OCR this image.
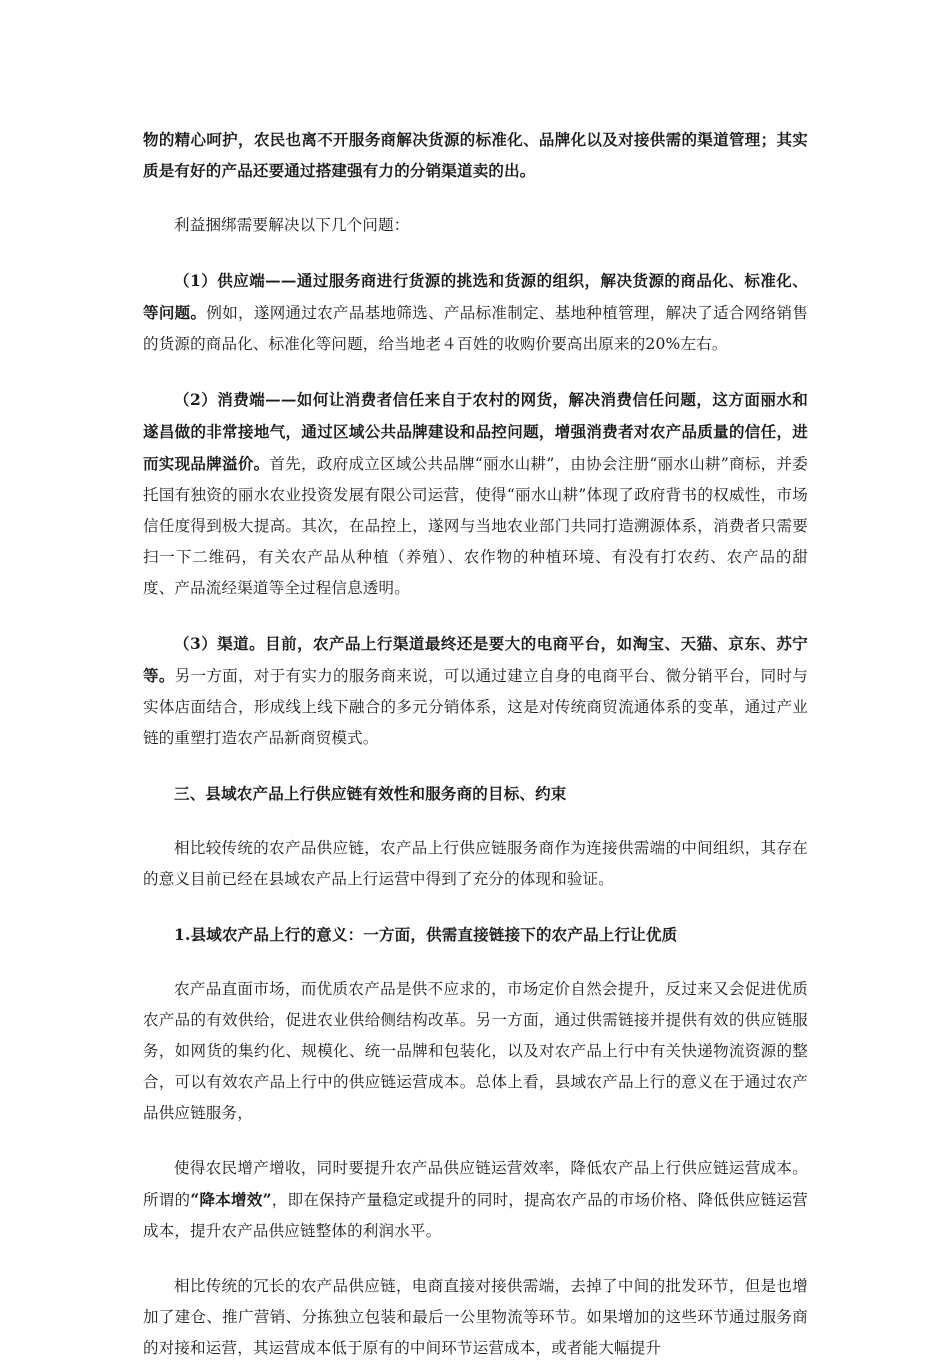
物的精心呵护，农民也离不开服务商解决货源的标准化、品牌化以及对接供需的渠道管理；其实质是有好的产品还要通过搭建强有力的分销渠道卖的出。

利益捆绑需要解决以下几个问题：

（1）供应端——通过服务商进行货源的挑选和货源的组织，解决货源的商品化、标准化、等问题。例如，遂网通过农产品基地筛选、产品标准制定、基地种植管理，解决了适合网络销售的货源的商品化、标准化等问题，给当地老４百姓的收购价要高出原来的20%左右。

（2）消费端——如何让消费者信任来自于农村的网货，解决消费信任问题，这方面丽水和遂昌做的非常接地气，通过区域公共品牌建设和品控问题，增强消费者对农产品质量的信任，进而实现品牌溢价。首先，政府成立区域公共品牌“丽水山耕”，由协会注册“丽水山耕”商标，并委托国有独资的丽水农业投资发展有限公司运营，使得“丽水山耕”体现了政府背书的权威性，市场信任度得到极大提高。其次，在品控上，遂网与当地农业部门共同打造溯源体系，消费者只需要扫一下二维码，有关农产品从种植（养殖）、农作物的种植环境、有没有打农药、农产品的甜度、产品流经渠道等全过程信息透明。

（3）渠道。目前，农产品上行渠道最终还是要大的电商平台，如淘宝、天猫、京东、苏宁等。另一方面，对于有实力的服务商来说，可以通过建立自身的电商平台、微分销平台，同时与实体店面结合，形成线上线下融合的多元分销体系，这是对传统商贸流通体系的变革，通过产业链的重塑打造农产品新商贸模式。

三、县域农产品上行供应链有效性和服务商的目标、约束

相比较传统的农产品供应链，农产品上行供应链服务商作为连接供需端的中间组织，其存在的意义目前已经在县域农产品上行运营中得到了充分的体现和验证。

1.县域农产品上行的意义：一方面，供需直接链接下的农产品上行让优质

农产品直面市场，而优质农产品是供不应求的，市场定价自然会提升，反过来又会促进优质农产品的有效供给，促进农业供给侧结构改革。另一方面，通过供需链接并提供有效的供应链服务，如网货的集约化、规模化、统一品牌和包装化，以及对农产品上行中有关快递物流资源的整合，可以有效农产品上行中的供应链运营成本。总体上看，县域农产品上行的意义在于通过农产品供应链服务，

使得农民增产增收，同时要提升农产品供应链运营效率，降低农产品上行供应链运营成本。所谓的“降本增效”，即在保持产量稳定或提升的同时，提高农产品的市场价格、降低供应链运营成本，提升农产品供应链整体的利润水平。

相比传统的冗长的农产品供应链，电商直接对接供需端，去掉了中间的批发环节，但是也增加了建仓、推广营销、分拣独立包装和最后一公里物流等环节。如果增加的这些环节通过服务商的对接和运营，其运营成本低于原有的中间环节运营成本，或者能大幅提升
